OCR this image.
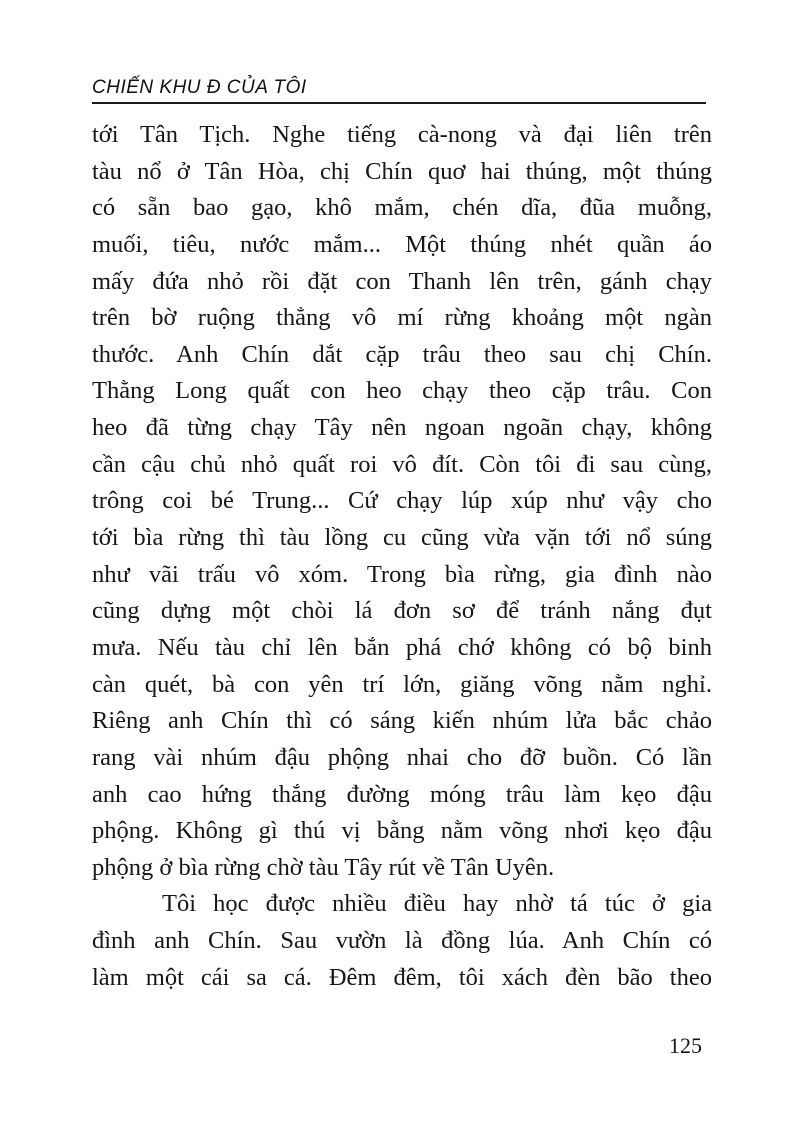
CHIẾN KHU Đ CỦA TÔI
tới Tân Tịch. Nghe tiếng cà-nong và đại liên trên
tàu nổ ở Tân Hòa, chị Chín quơ hai thúng, một thúng
có sẵn bao gạo, khô mắm, chén dĩa, đũa muỗng,
muối, tiêu, nước mắm... Một thúng nhét quần áo
mấy đứa nhỏ rồi đặt con Thanh lên trên, gánh chạy
trên bờ ruộng thẳng vô mí rừng khoảng một ngàn
thước. Anh Chín dắt cặp trâu theo sau chị Chín.
Thằng Long quất con heo chạy theo cặp trâu. Con
heo đã từng chạy Tây nên ngoan ngoãn chạy, không
cần cậu chủ nhỏ quất roi vô đít. Còn tôi đi sau cùng,
trông coi bé Trung... Cứ chạy lúp xúp như vậy cho
tới bìa rừng thì tàu lồng cu cũng vừa vặn tới nổ súng
như vãi trấu vô xóm. Trong bìa rừng, gia đình nào
cũng dựng một chòi lá đơn sơ để tránh nắng đụt
mưa. Nếu tàu chỉ lên bắn phá chớ không có bộ binh
càn quét, bà con yên trí lớn, giăng võng nằm nghỉ.
Riêng anh Chín thì có sáng kiến nhúm lửa bắc chảo
rang vài nhúm đậu phộng nhai cho đỡ buồn. Có lần
anh cao hứng thắng đường móng trâu làm kẹo đậu
phộng. Không gì thú vị bằng nằm võng nhơi kẹo đậu
phộng ở bìa rừng chờ tàu Tây rút về Tân Uyên.
Tôi học được nhiều điều hay nhờ tá túc ở gia
đình anh Chín. Sau vườn là đồng lúa. Anh Chín có
làm một cái sa cá. Đêm đêm, tôi xách đèn bão theo
125
